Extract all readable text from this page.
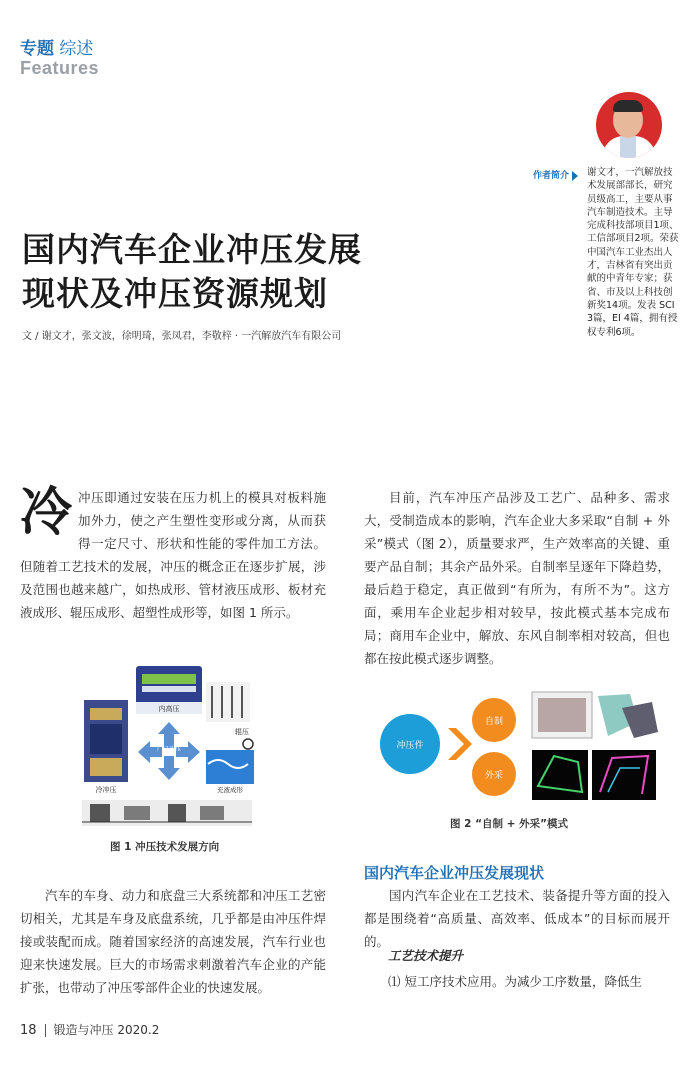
专题 综述
Features
作者简介	谢文才，一汽解放技术发展部部长，研究员级高工，主要从事汽车制造技术。主导完成科技部项目1项、工信部项目2项。荣获中国汽车工业杰出人才，吉林省有突出贡献的中青年专家；获省、市及以上科技创新奖14项。发表 SCI 3篇，EI 4篇，拥有授权专利6项。
国内汽车企业冲压发展
现状及冲压资源规划
文 / 谢文才，张文波，徐明琦，张凤君，李敬梓 · 一汽解放汽车有限公司
冷 冲压即通过安装在压力机上的模具对板料施加外力，使之产生塑性变形或分离，从而获得一定尺寸、形状和性能的零件加工方法。但随着工艺技术的发展，冲压的概念正在逐步扩展，涉及范围也越来越广，如热成形、管材液压成形、板材充液成形、辊压成形、超塑性成形等，如图 1 所示。
目前，汽车冲压产品涉及工艺广、品种多、需求大，受制造成本的影响，汽车企业大多采取“自制 + 外采”模式（图 2），质量要求严，生产效率高的关键、重要产品自制；其余产品外采。自制率呈逐年下降趋势，最后趋于稳定，真正做到“有所为，有所不为”。这方面，乘用车企业起步相对较早，按此模式基本完成布局；商用车企业中，解放、东风自制率相对较高，但也都在按此模式逐步调整。
内高压
冷冲压
广义冲压
辊压
充液成形
图 1 冲压技术发展方向
冲压件
自制
外采
图 2 “自制 + 外采”模式
汽车的车身、动力和底盘三大系统都和冲压工艺密切相关，尤其是车身及底盘系统，几乎都是由冲压件焊接或装配而成。随着国家经济的高速发展，汽车行业也迎来快速发展。巨大的市场需求刺激着汽车企业的产能扩张，也带动了冲压零部件企业的快速发展。
国内汽车企业冲压发展现状
国内汽车企业在工艺技术、装备提升等方面的投入都是围绕着“高质量、高效率、低成本”的目标而展开的。
工艺技术提升
⑴ 短工序技术应用。为减少工序数量，降低生
18 锻造与冲压 2020.2
